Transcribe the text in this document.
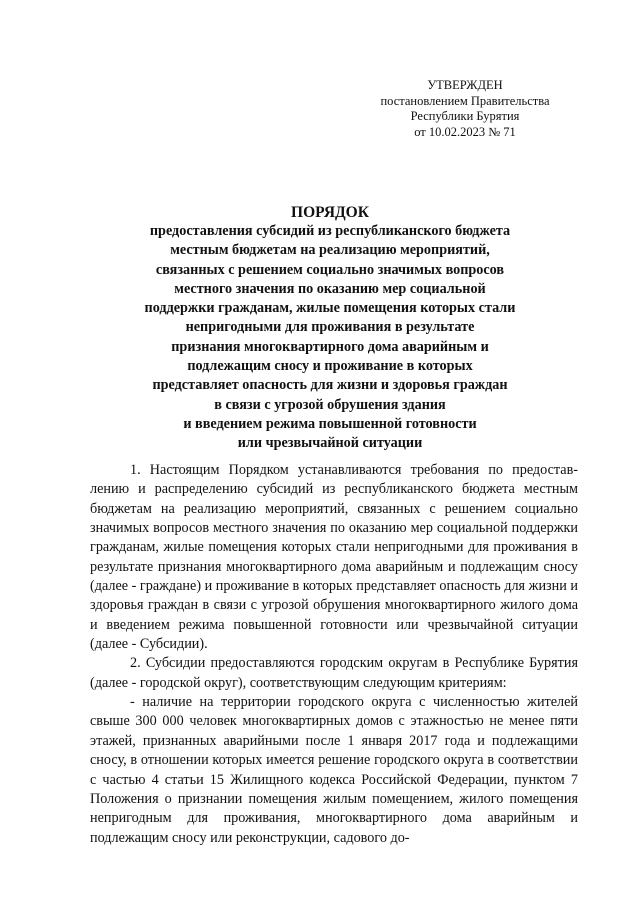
УТВЕРЖДЕН
постановлением Правительства
Республики Бурятия
от 10.02.2023 № 71
ПОРЯДОК
предоставления субсидий из республиканского бюджета
местным бюджетам на реализацию мероприятий,
связанных с решением социально значимых вопросов
местного значения по оказанию мер социальной
поддержки гражданам, жилые помещения которых стали
непригодными для проживания в результате
признания многоквартирного дома аварийным и
подлежащим сносу и проживание в которых
представляет опасность для жизни и здоровья граждан
в связи с угрозой обрушения здания
и введением режима повышенной готовности
или чрезвычайной ситуации

1. Настоящим Порядком устанавливаются требования по предоставлению и распределению субсидий из республиканского бюджета местным бюджетам на реализацию мероприятий, связанных с решением социально значимых вопросов местного значения по оказанию мер социальной поддержки гражданам, жилые помещения которых стали непригодными для проживания в результате признания многоквартирного дома аварийным и подлежащим сносу (далее - граждане) и проживание в которых представляет опасность для жизни и здоровья граждан в связи с угрозой обрушения многоквартирного жилого дома и введением режима повышенной готовности или чрезвычайной ситуации (далее - Субсидии).

2. Субсидии предоставляются городским округам в Республике Бурятия (далее - городской округ), соответствующим следующим критериям:

- наличие на территории городского округа с численностью жителей свыше 300 000 человек многоквартирных домов с этажностью не менее пяти этажей, признанных аварийными после 1 января 2017 года и подлежащими сносу, в отношении которых имеется решение городского округа в соответствии с частью 4 статьи 15 Жилищного кодекса Российской Федерации, пунктом 7 Положения о признании помещения жилым помещением, жилого помещения непригодным для проживания, многоквартирного дома аварийным и подлежащим сносу или реконструкции, садового до-
